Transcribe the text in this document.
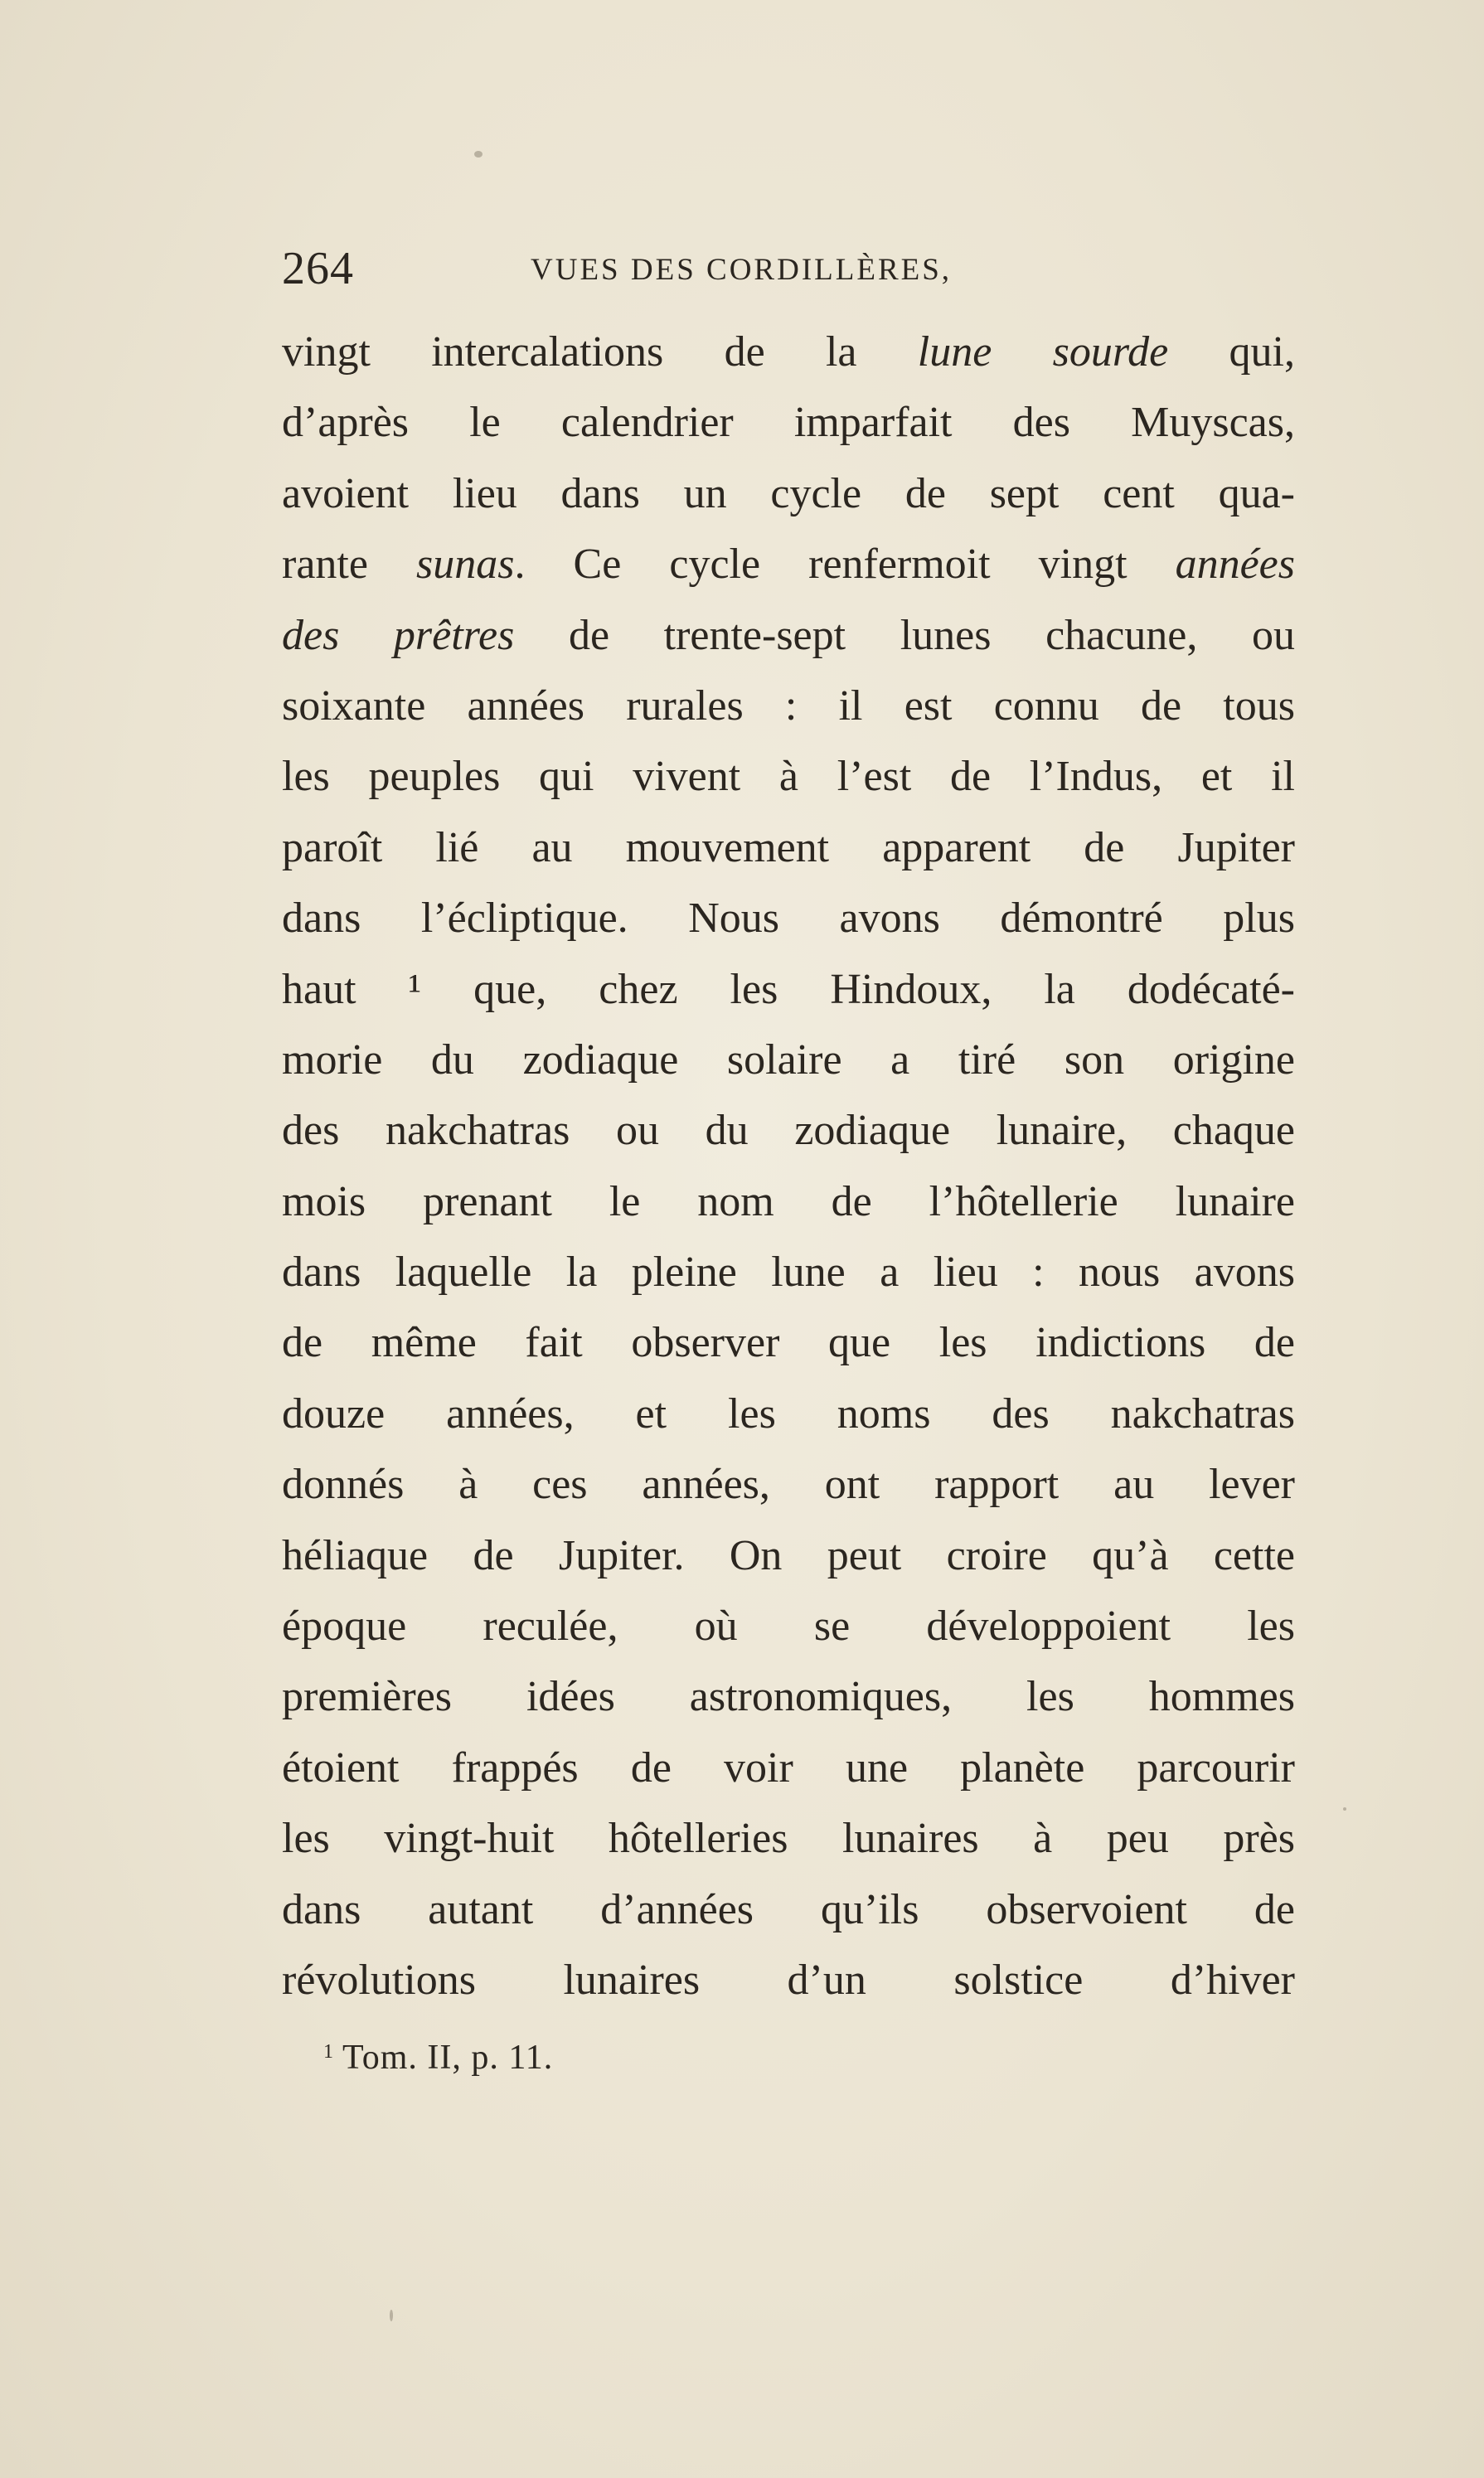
264	VUES DES CORDILLÈRES,
vingt intercalations de la lune sourde qui,
d’après le calendrier imparfait des Muyscas,
avoient lieu dans un cycle de sept cent qua-
rante sunas. Ce cycle renfermoit vingt années
des prêtres de trente-sept lunes chacune, ou
soixante années rurales : il est connu de tous
les peuples qui vivent à l’est de l’Indus, et il
paroît lié au mouvement apparent de Jupiter
dans l’écliptique. Nous avons démontré plus
haut ¹ que, chez les Hindoux, la dodécaté-
morie du zodiaque solaire a tiré son origine
des nakchatras ou du zodiaque lunaire, chaque
mois prenant le nom de l’hôtellerie lunaire
dans laquelle la pleine lune a lieu : nous avons
de même fait observer que les indictions de
douze années, et les noms des nakchatras
donnés à ces années, ont rapport au lever
héliaque de Jupiter. On peut croire qu’à cette
époque reculée, où se développoient les
premières idées astronomiques, les hommes
étoient frappés de voir une planète parcourir
les vingt-huit hôtelleries lunaires à peu près
dans autant d’années qu’ils observoient de
révolutions lunaires d’un solstice d’hiver
$^1$ Tom. II, p. 11.
